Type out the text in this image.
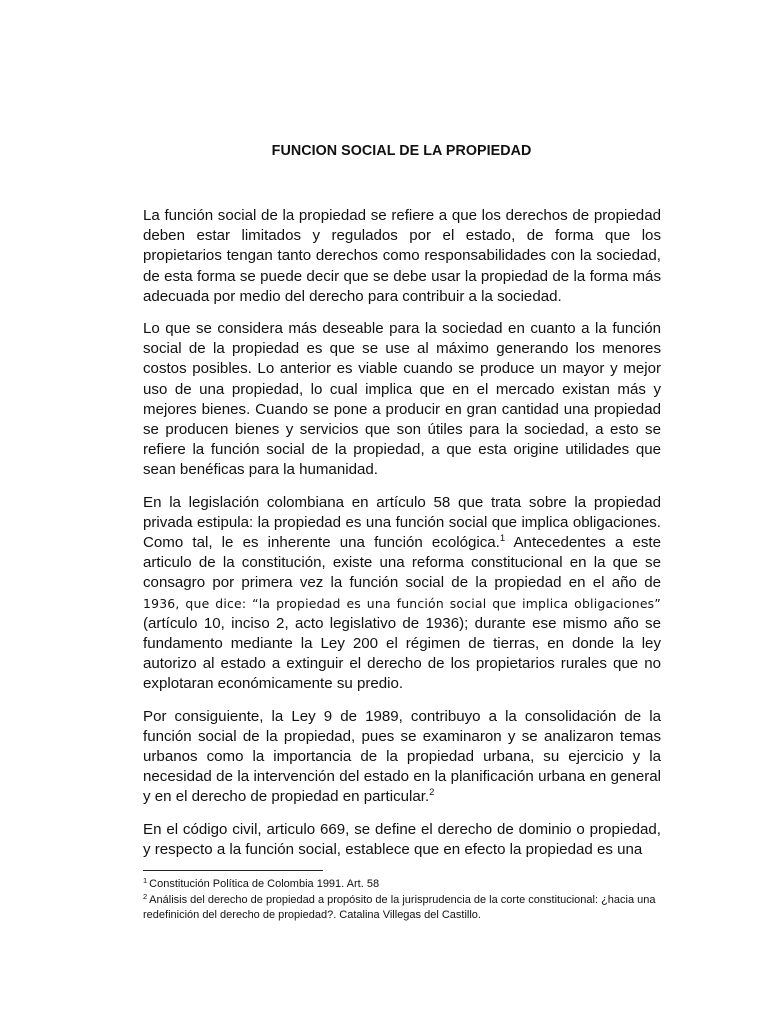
FUNCION SOCIAL DE LA PROPIEDAD

La función social de la propiedad se refiere a que los derechos de propiedad deben estar limitados y regulados por el estado, de forma que los propietarios tengan tanto derechos como responsabilidades con la sociedad, de esta forma se puede decir que se debe usar la propiedad de la forma más adecuada por medio del derecho para contribuir a la sociedad.

Lo que se considera más deseable para la sociedad en cuanto a la función social de la propiedad es que se use al máximo generando los menores costos posibles. Lo anterior es viable cuando se produce un mayor y mejor uso de una propiedad, lo cual implica que en el mercado existan más y mejores bienes. Cuando se pone a producir en gran cantidad una propiedad se producen bienes y servicios que son útiles para la sociedad, a esto se refiere la función social de la propiedad, a que esta origine utilidades que sean benéficas para la humanidad.

En la legislación colombiana en artículo 58 que trata sobre la propiedad privada estipula: la propiedad es una función social que implica obligaciones. Como tal, le es inherente una función ecológica.$^1$ Antecedentes a este articulo de la constitución, existe una reforma constitucional en la que se consagro por primera vez la función social de la propiedad en el año de 1936, que dice: “la propiedad es una función social que implica obligaciones” (artículo 10, inciso 2, acto legislativo de 1936); durante ese mismo año se fundamento mediante la Ley 200 el régimen de tierras, en donde la ley autorizo al estado a extinguir el derecho de los propietarios rurales que no explotaran económicamente su predio.

Por consiguiente, la Ley 9 de 1989, contribuyo a la consolidación de la función social de la propiedad, pues se examinaron y se analizaron temas urbanos como la importancia de la propiedad urbana, su ejercicio y la necesidad de la intervención del estado en la planificación urbana en general y en el derecho de propiedad en particular.$^2$

En el código civil, articulo 669, se define el derecho de dominio o propiedad, y respecto a la función social, establece que en efecto la propiedad es una

$^1$ Constitución Política de Colombia 1991. Art. 58

$^2$ Análisis del derecho de propiedad a propósito de la jurisprudencia de la corte constitucional: ¿hacia una redefinición del derecho de propiedad?. Catalina Villegas del Castillo.
